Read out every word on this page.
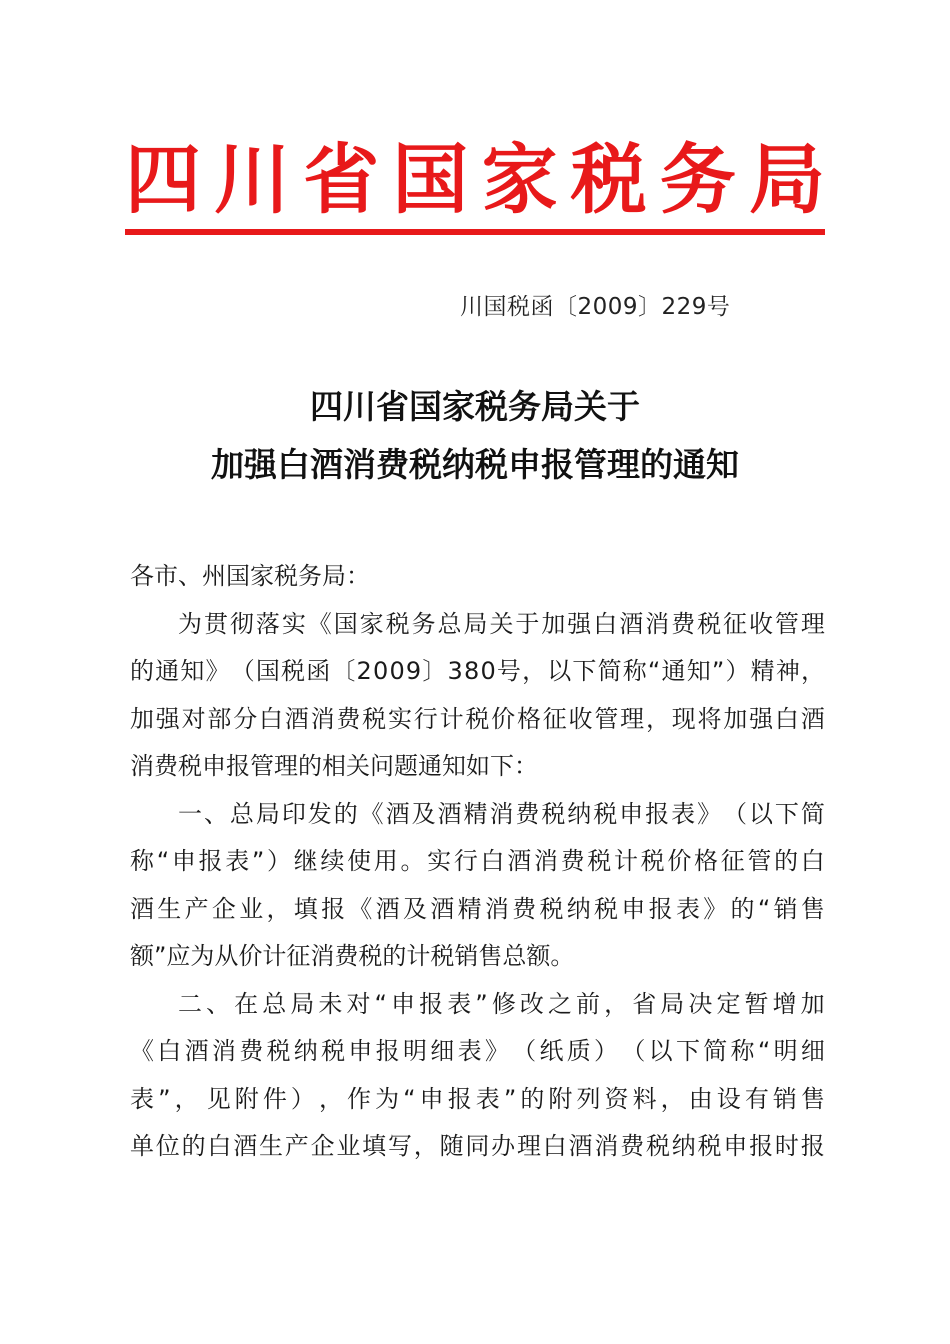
四 川 省 国 家 税 务 局
川国税函〔2009〕229号
四川省国家税务局关于
加强白酒消费税纳税申报管理的通知
各市、州国家税务局：
为 贯 彻 落 实 《 国 家 税 务 总 局 关 于 加 强 白 酒 消 费 税 征 收 管 理
的 通 知 》 （ 国 税 函 〔 2 0 0 9 〕 3 8 0 号 ， 以 下 简 称 “ 通 知 ” ） 精 神 ，
加 强 对 部 分 白 酒 消 费 税 实 行 计 税 价 格 征 收 管 理 ， 现 将 加 强 白 酒
消费税申报管理的相关问题通知如下：
一 、 总 局 印 发 的 《 酒 及 酒 精 消 费 税 纳 税 申 报 表 》 （ 以 下 简
称 “ 申 报 表 ” ） 继 续 使 用 。 实 行 白 酒 消 费 税 计 税 价 格 征 管 的 白
酒 生 产 企 业 ， 填 报 《 酒 及 酒 精 消 费 税 纳 税 申 报 表 》 的 “ 销 售
额”应为从价计征消费税的计税销售总额。
二 、 在 总 局 未 对 “ 申 报 表 ” 修 改 之 前 ， 省 局 决 定 暂 增 加
《 白 酒 消 费 税 纳 税 申 报 明 细 表 》 （ 纸 质 ） （ 以 下 简 称 “ 明 细
表 ” ， 见 附 件 ） ， 作 为 “ 申 报 表 ” 的 附 列 资 料 ， 由 设 有 销 售
单 位 的 白 酒 生 产 企 业 填 写 ， 随 同 办 理 白 酒 消 费 税 纳 税 申 报 时 报
